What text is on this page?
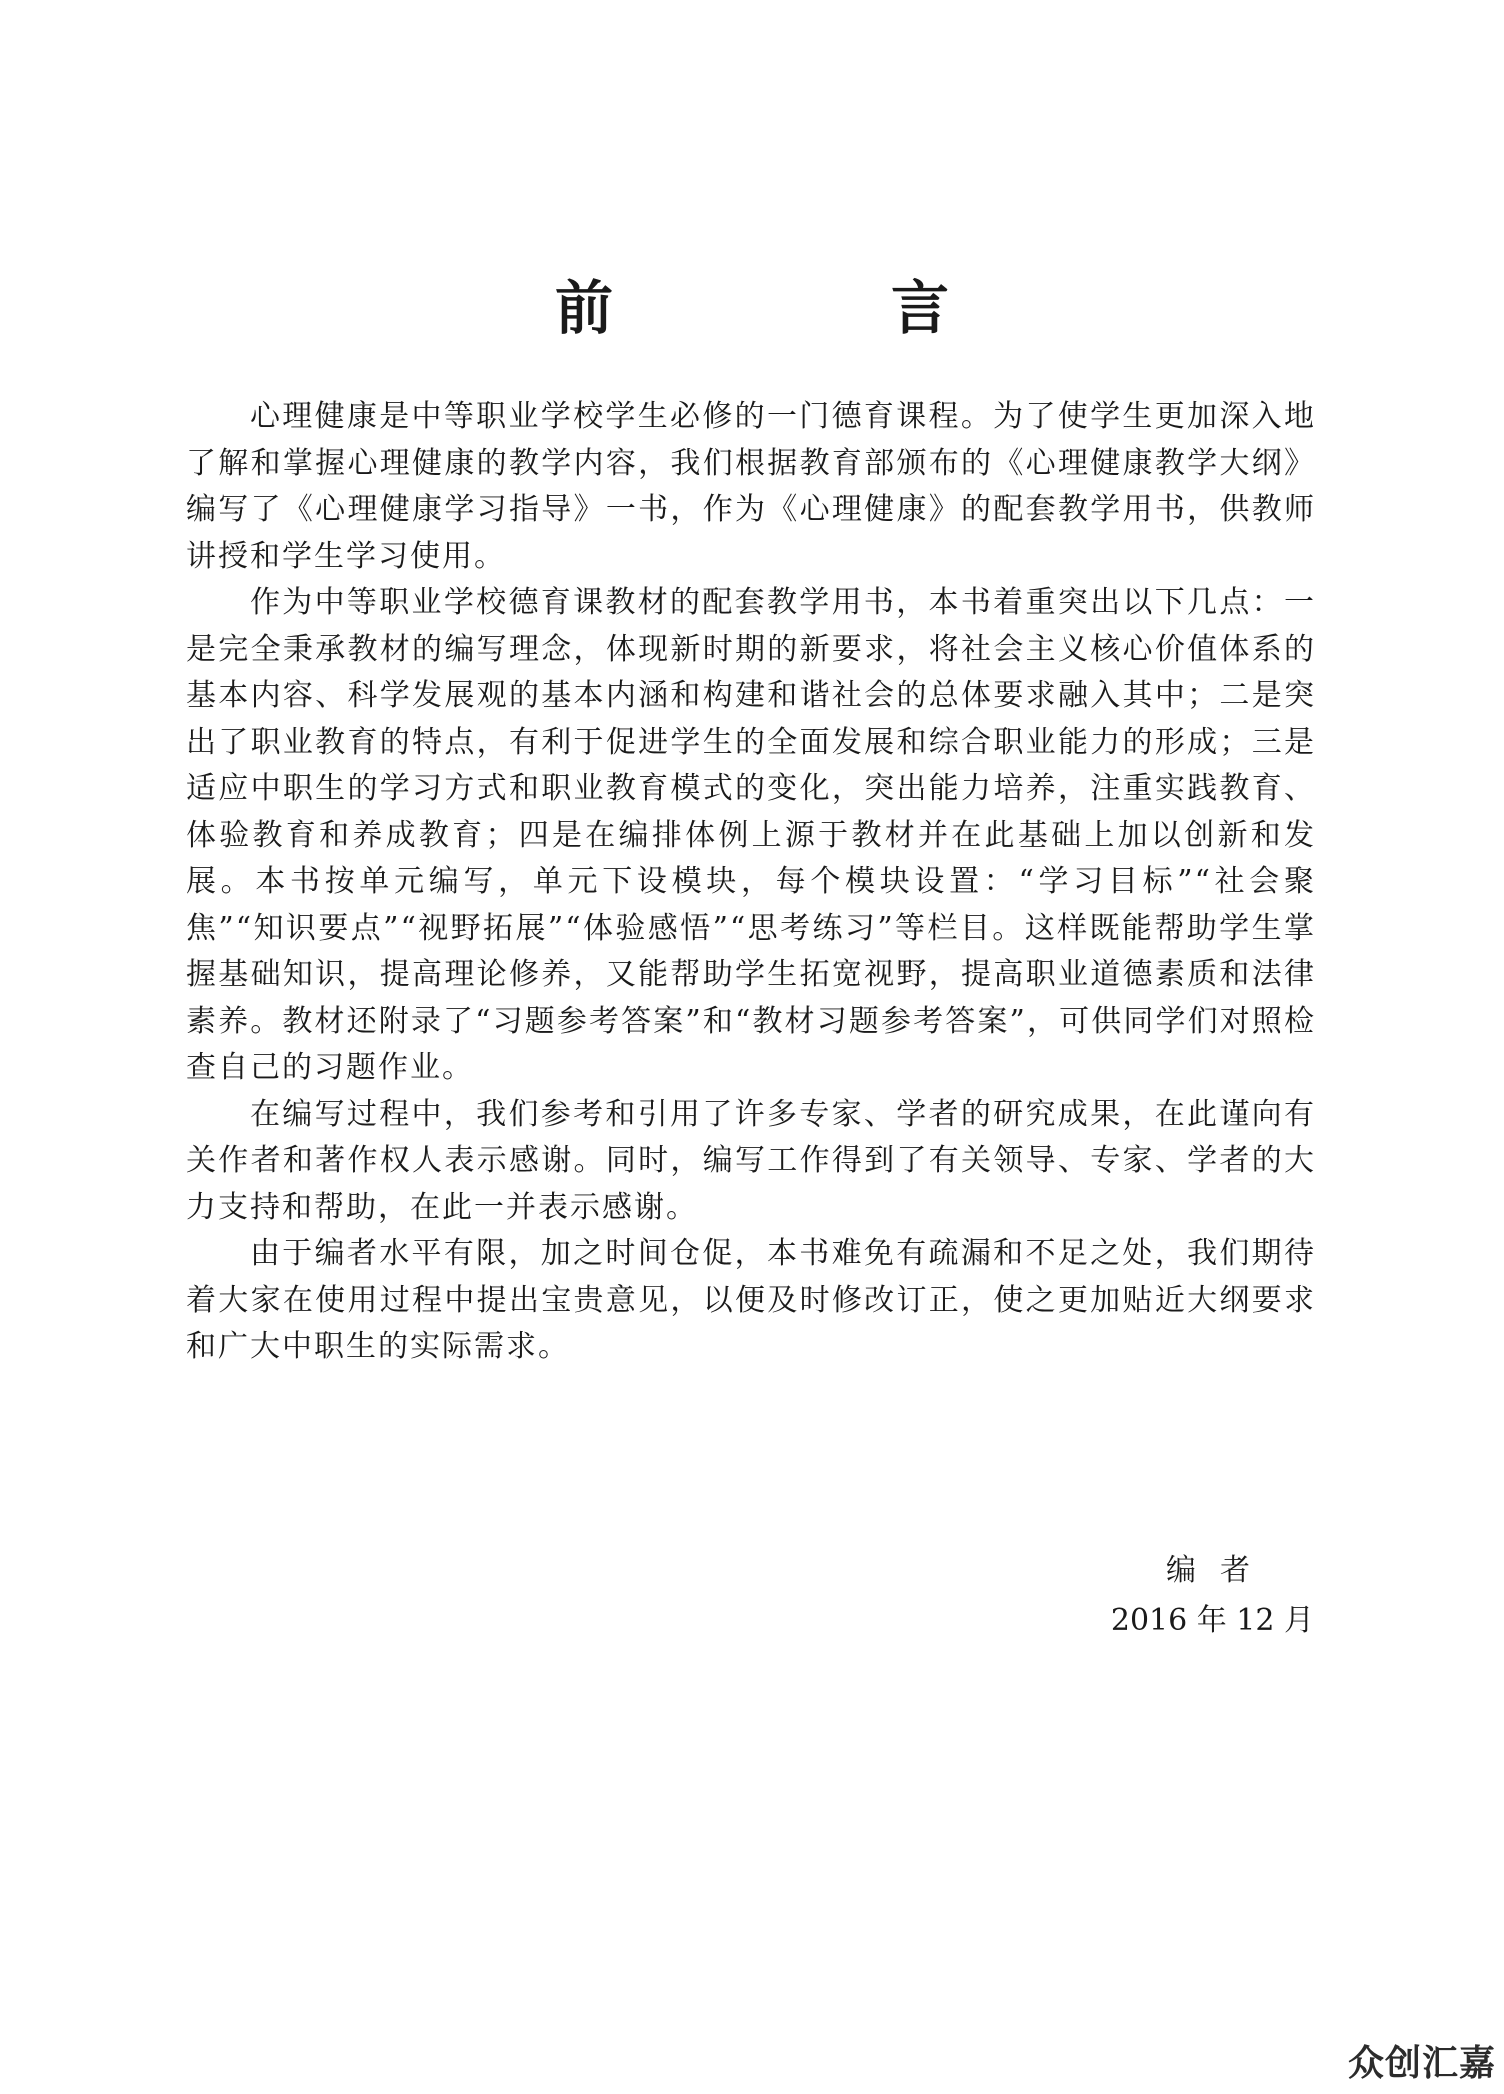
前　言

心理健康是中等职业学校学生必修的一门德育课程。为了使学生更加深入地了解和掌握心理健康的教学内容，我们根据教育部颁布的《心理健康教学大纲》编写了《心理健康学习指导》一书，作为《心理健康》的配套教学用书，供教师讲授和学生学习使用。

作为中等职业学校德育课教材的配套教学用书，本书着重突出以下几点：一是完全秉承教材的编写理念，体现新时期的新要求，将社会主义核心价值体系的基本内容、科学发展观的基本内涵和构建和谐社会的总体要求融入其中；二是突出了职业教育的特点，有利于促进学生的全面发展和综合职业能力的形成；三是适应中职生的学习方式和职业教育模式的变化，突出能力培养，注重实践教育、体验教育和养成教育；四是在编排体例上源于教材并在此基础上加以创新和发展。本书按单元编写，单元下设模块，每个模块设置：“学习目标”“社会聚焦”“知识要点”“视野拓展”“体验感悟”“思考练习”等栏目。这样既能帮助学生掌握基础知识，提高理论修养，又能帮助学生拓宽视野，提高职业道德素质和法律素养。教材还附录了“习题参考答案”和“教材习题参考答案”，可供同学们对照检查自己的习题作业。

在编写过程中，我们参考和引用了许多专家、学者的研究成果，在此谨向有关作者和著作权人表示感谢。同时，编写工作得到了有关领导、专家、学者的大力支持和帮助，在此一并表示感谢。

由于编者水平有限，加之时间仓促，本书难免有疏漏和不足之处，我们期待着大家在使用过程中提出宝贵意见，以便及时修改订正，使之更加贴近大纲要求和广大中职生的实际需求。

编者
2016 年 12 月
众创汇嘉
